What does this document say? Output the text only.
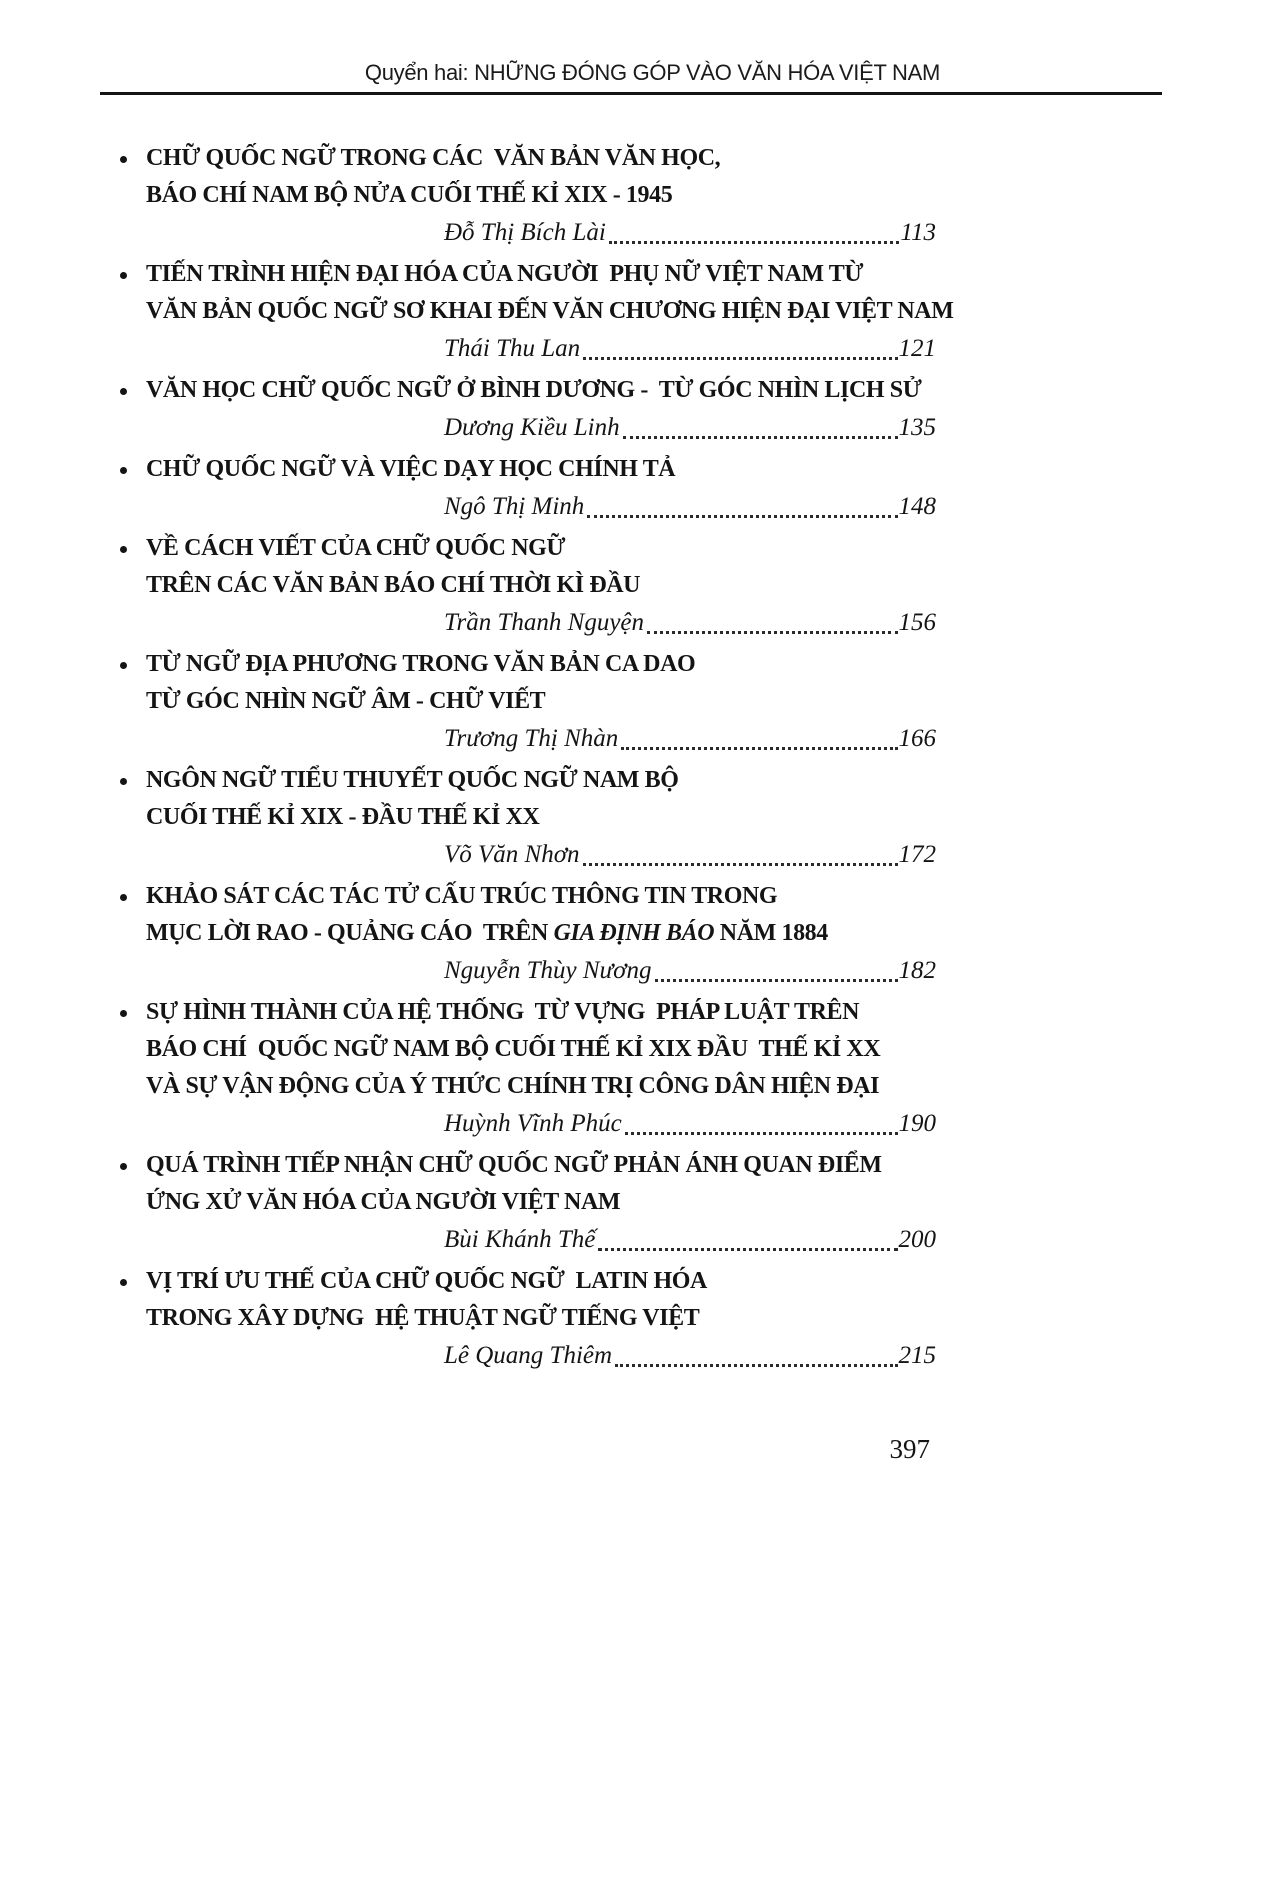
Quyển hai: NHỮNG ĐÓNG GÓP VÀO VĂN HÓA VIỆT NAM
CHỮ QUỐC NGỮ TRONG CÁC  VĂN BẢN VĂN HỌC,
BÁO CHÍ NAM BỘ NỬA CUỐI THẾ KỈ XIX - 1945
Đỗ Thị Bích Lài	113
TIẾN TRÌNH HIỆN ĐẠI HÓA CỦA NGƯỜI  PHỤ NỮ VIỆT NAM TỪ
VĂN BẢN QUỐC NGỮ SƠ KHAI ĐẾN VĂN CHƯƠNG HIỆN ĐẠI VIỆT NAM
Thái Thu Lan	121
VĂN HỌC CHỮ QUỐC NGỮ Ở BÌNH DƯƠNG -  TỪ GÓC NHÌN LỊCH SỬ
Dương Kiều Linh	135
CHỮ QUỐC NGỮ VÀ VIỆC DẠY HỌC CHÍNH TẢ
Ngô Thị Minh	148
VỀ CÁCH VIẾT CỦA CHỮ QUỐC NGỮ
TRÊN CÁC VĂN BẢN BÁO CHÍ THỜI KÌ ĐẦU
Trần Thanh Nguyện	156
TỪ NGỮ ĐỊA PHƯƠNG TRONG VĂN BẢN CA DAO
TỪ GÓC NHÌN NGỮ ÂM - CHỮ VIẾT
Trương Thị Nhàn	166
NGÔN NGỮ TIỂU THUYẾT QUỐC NGỮ NAM BỘ
CUỐI THẾ KỈ XIX - ĐẦU THẾ KỈ XX
Võ Văn Nhơn	172
KHẢO SÁT CÁC TÁC TỬ CẤU TRÚC THÔNG TIN TRONG
MỤC LỜI RAO - QUẢNG CÁO  TRÊN GIA ĐỊNH BÁO NĂM 1884
Nguyễn Thùy Nương	182
SỰ HÌNH THÀNH CỦA HỆ THỐNG  TỪ VỰNG  PHÁP LUẬT TRÊN
BÁO CHÍ  QUỐC NGỮ NAM BỘ CUỐI THẾ KỈ XIX ĐẦU  THẾ KỈ XX
VÀ SỰ VẬN ĐỘNG CỦA Ý THỨC CHÍNH TRỊ CÔNG DÂN HIỆN ĐẠI
Huỳnh Vĩnh Phúc	190
QUÁ TRÌNH TIẾP NHẬN CHỮ QUỐC NGỮ PHẢN ÁNH QUAN ĐIỂM
ỨNG XỬ VĂN HÓA CỦA NGƯỜI VIỆT NAM
Bùi Khánh Thế	200
VỊ TRÍ ƯU THẾ CỦA CHỮ QUỐC NGỮ  LATIN HÓA
TRONG XÂY DỰNG  HỆ THUẬT NGỮ TIẾNG VIỆT
Lê Quang Thiêm	215
397
